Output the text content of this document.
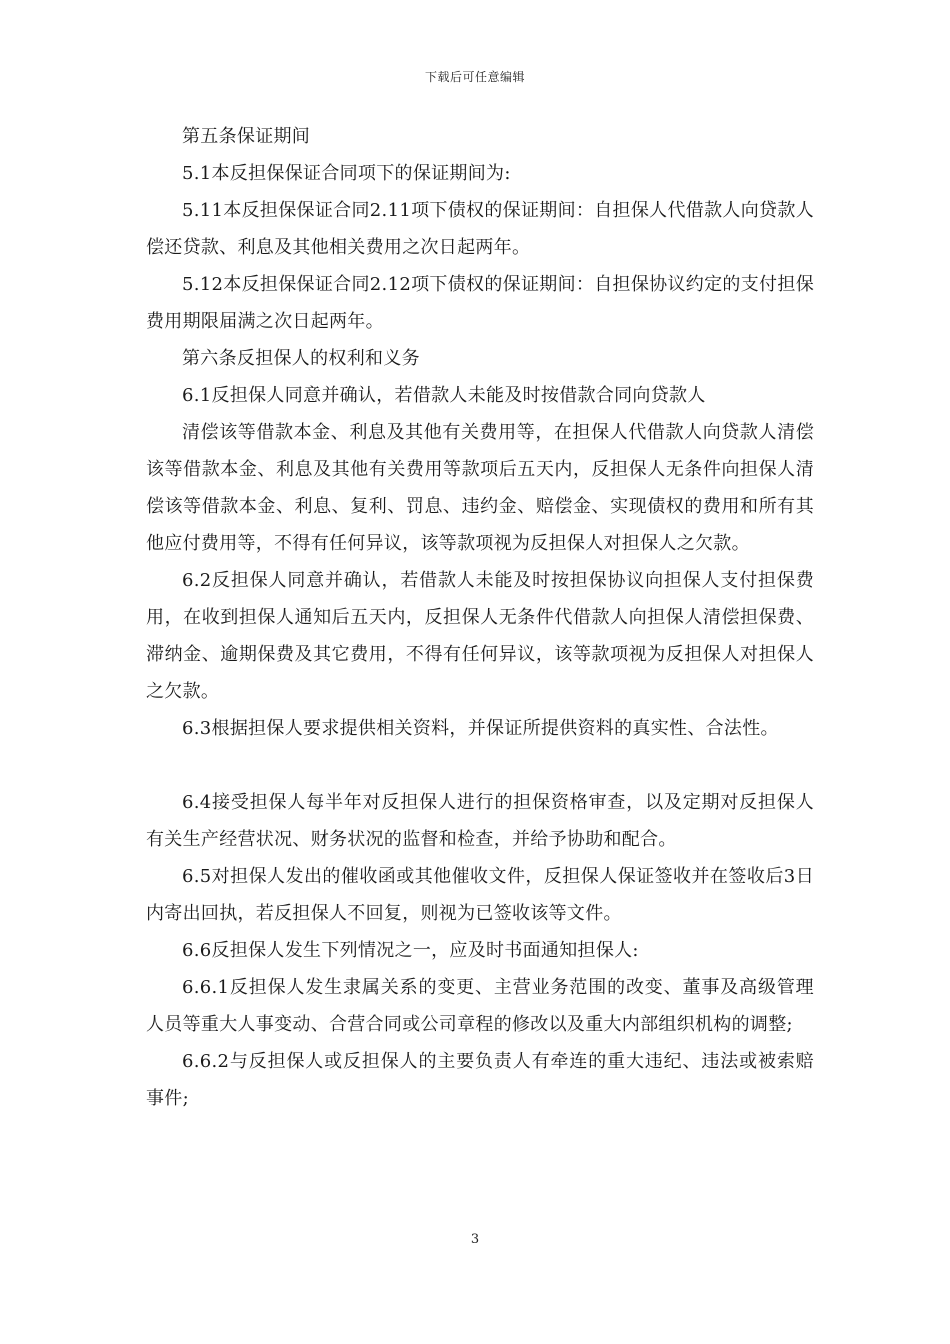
下载后可任意编辑

第五条保证期间

5.1本反担保保证合同项下的保证期间为:

5.11本反担保保证合同2.11项下债权的保证期间：自担保人代借款人向贷款人偿还贷款、利息及其他相关费用之次日起两年。

5.12本反担保保证合同2.12项下债权的保证期间：自担保协议约定的支付担保费用期限届满之次日起两年。

第六条反担保人的权利和义务

6.1反担保人同意并确认，若借款人未能及时按借款合同向贷款人

清偿该等借款本金、利息及其他有关费用等，在担保人代借款人向贷款人清偿该等借款本金、利息及其他有关费用等款项后五天内，反担保人无条件向担保人清偿该等借款本金、利息、复利、罚息、违约金、赔偿金、实现债权的费用和所有其他应付费用等，不得有任何异议，该等款项视为反担保人对担保人之欠款。

6.2反担保人同意并确认，若借款人未能及时按担保协议向担保人支付担保费用，在收到担保人通知后五天内，反担保人无条件代借款人向担保人清偿担保费、滞纳金、逾期保费及其它费用，不得有任何异议，该等款项视为反担保人对担保人之欠款。

6.3根据担保人要求提供相关资料，并保证所提供资料的真实性、合法性。

6.4接受担保人每半年对反担保人进行的担保资格审查，以及定期对反担保人有关生产经营状况、财务状况的监督和检查，并给予协助和配合。

6.5对担保人发出的催收函或其他催收文件，反担保人保证签收并在签收后3日内寄出回执，若反担保人不回复，则视为已签收该等文件。

6.6反担保人发生下列情况之一，应及时书面通知担保人:

6.6.1反担保人发生隶属关系的变更、主营业务范围的改变、董事及高级管理人员等重大人事变动、合营合同或公司章程的修改以及重大内部组织机构的调整;

6.6.2与反担保人或反担保人的主要负责人有牵连的重大违纪、违法或被索赔事件;

3
